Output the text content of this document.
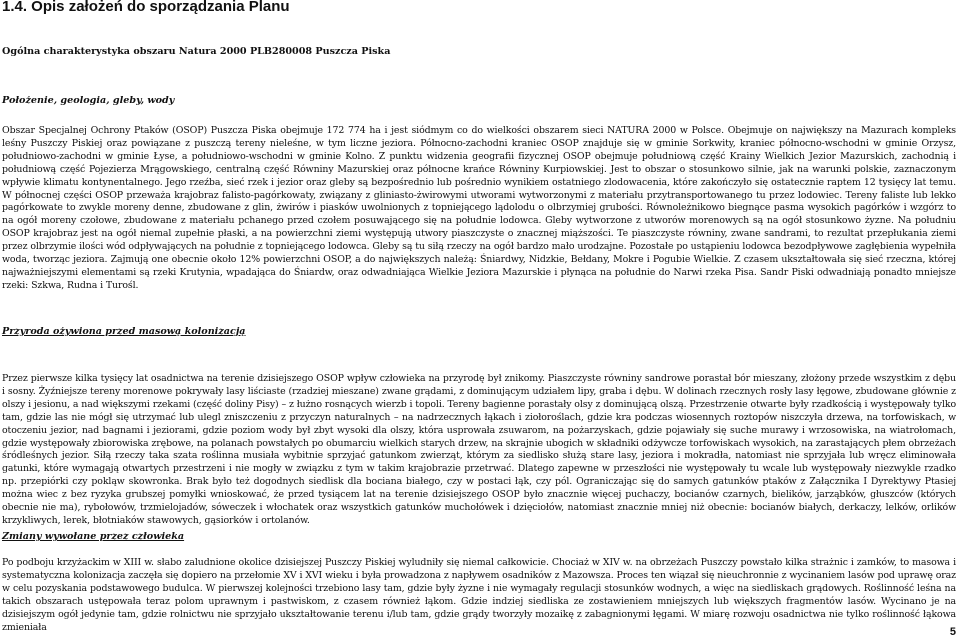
1.4. Opis założeń do sporządzania Planu

Ogólna charakterystyka obszaru Natura 2000 PLB280008 Puszcza Piska

Położenie, geologia, gleby, wody

Obszar Specjalnej Ochrony Ptaków (OSOP) Puszcza Piska obejmuje 172 774 ha i jest siódmym co do wielkości obszarem sieci NATURA 2000 w Polsce. Obejmuje on największy na Mazurach kompleks leśny Puszczy Piskiej oraz powiązane z puszczą tereny nieleśne, w tym liczne jeziora. Północno-zachodni kraniec OSOP znajduje się w gminie Sorkwity, kraniec północno-wschodni w gminie Orzysz, południowo-zachodni w gminie Łyse, a południowo-wschodni w gminie Kolno. Z punktu widzenia geografii fizycznej OSOP obejmuje południową część Krainy Wielkich Jezior Mazurskich, zachodnią i południową część Pojezierza Mrągowskiego, centralną część Równiny Mazurskiej oraz północne krańce Równiny Kurpiowskiej. Jest to obszar o stosunkowo silnie, jak na warunki polskie, zaznaczonym wpływie klimatu kontynentalnego. Jego rzeźba, sieć rzek i jezior oraz gleby są bezpośrednio lub pośrednio wynikiem ostatniego zlodowacenia, które zakończyło się ostatecznie raptem 12 tysięcy lat temu. W północnej części OSOP przeważa krajobraz falisto-pagórkowaty, związany z gliniasto-żwirowymi utworami wytworzonymi z materiału przytransportowanego tu przez lodowiec. Tereny faliste lub lekko pagórkowate to zwykle moreny denne, zbudowane z glin, żwirów i piasków uwolnionych z topniejącego lądolodu o olbrzymiej grubości. Równoleżnikowo biegnące pasma wysokich pagórków i wzgórz to na ogół moreny czołowe, zbudowane z materiału pchanego przed czołem posuwającego się na południe lodowca. Gleby wytworzone z utworów morenowych są na ogół stosunkowo żyzne. Na południu OSOP krajobraz jest na ogół niemal zupełnie płaski, a na powierzchni ziemi występują utwory piaszczyste o znacznej miąższości. Te piaszczyste równiny, zwane sandrami, to rezultat przepłukania ziemi przez olbrzymie ilości wód odpływających na południe z topniejącego lodowca. Gleby są tu siłą rzeczy na ogół bardzo mało urodzajne. Pozostałe po ustąpieniu lodowca bezodpływowe zagłębienia wypełniła woda, tworząc jeziora. Zajmują one obecnie około 12% powierzchni OSOP, a do największych należą: Śniardwy, Nidzkie, Bełdany, Mokre i Pogubie Wielkie. Z czasem ukształtowała się sieć rzeczna, której najważniejszymi elementami są rzeki Krutynia, wpadająca do Śniardw, oraz odwadniająca Wielkie Jeziora Mazurskie i płynąca na południe do Narwi rzeka Pisa. Sandr Piski odwadniają ponadto mniejsze rzeki: Szkwa, Rudna i Turośl.

Przyroda ożywiona przed masową kolonizacją

Przez pierwsze kilka tysięcy lat osadnictwa na terenie dzisiejszego OSOP wpływ człowieka na przyrodę był znikomy. Piaszczyste równiny sandrowe porastał bór mieszany, złożony przede wszystkim z dębu i sosny. Żyźniejsze tereny morenowe pokrywały lasy liściaste (rzadziej mieszane) zwane grądami, z dominującym udziałem lipy, graba i dębu. W dolinach rzecznych rosły lasy łęgowe, zbudowane głównie z olszy i jesionu, a nad większymi rzekami (część doliny Pisy) – z łużno rosnących wierzb i topoli. Tereny bagienne porastały olsy z dominującą olszą. Przestrzenie otwarte były rzadkością i występowały tylko tam, gdzie las nie mógł się utrzymać lub ulegl zniszczeniu z przyczyn naturalnych – na nadrzecznych łąkach i ziołoroślach, gdzie kra podczas wiosennych roztopów niszczyła drzewa, na torfowiskach, w otoczeniu jezior, nad bagnami i jeziorami, gdzie poziom wody był zbyt wysoki dla olszy, która usprowała zsuwarom, na pożarzyskach, gdzie pojawiały się suche murawy i wrzosowiska, na wiatrołomach, gdzie występowały zbiorowiska zrębowe, na polanach powstałych po obumarciu wielkich starych drzew, na skrajnie ubogich w składniki odżywcze torfowiskach wysokich, na zarastających płem obrzeżach śródleśnych jezior. Siłą rzeczy taka szata roślinna musiała wybitnie sprzyjać gatunkom zwierząt, którym za siedlisko służą stare lasy, jeziora i mokradła, natomiast nie sprzyjała lub wręcz eliminowała gatunki, które wymagają otwartych przestrzeni i nie mogły w związku z tym w takim krajobrazie przetrwać. Dlatego zapewne w przeszłości nie występowały tu wcale lub występowały niezwykle rzadko np. przepiórki czy pokląw skowronka. Brak było też dogodnych siedlisk dla bociana białego, czy w postaci łąk, czy pól. Ograniczając się do samych gatunków ptaków z Załącznika I Dyrektywy Ptasiej można wiec z bez ryzyka grubszej pomyłki wnioskować, że przed tysiącem lat na terenie dzisiejszego OSOP było znacznie więcej puchaczy, bocianów czarnych, bielików, jarząbków, głuszców (których obecnie nie ma), rybołowów, trzmielojadów, sóweczek i włochatek oraz wszystkich gatunków muchołówek i dzięciołów, natomiast znacznie mniej niż obecnie: bocianów białych, derkaczy, lelków, orlików krzykliwych, lerek, błotniaków stawowych, gąsiorków i ortolanów.

Zmiany wywołane przez człowieka

Po podboju krzyżackim w XIII w. słabo zaludnione okolice dzisiejszej Puszczy Piskiej wyludniły się niemal całkowicie. Chociaż w XIV w. na obrzeżach Puszczy powstało kilka strażnic i zamków, to masowa i systematyczna kolonizacja zaczęła się dopiero na przełomie XV i XVI wieku i była prowadzona z napływem osadników z Mazowsza. Proces ten wiązał się nieuchronnie z wycinaniem lasów pod uprawę oraz w celu pozyskania podstawowego budulca. W pierwszej kolejności trzebiono lasy tam, gdzie były żyzne i nie wymagały regulacji stosunków wodnych, a więc na siedliskach grądowych. Roślinność leśna na takich obszarach ustępowała teraz polom uprawnym i pastwiskom, z czasem również łąkom. Gdzie indziej siedliska ze zostawieniem mniejszych lub większych fragmentów lasów. Wycinano je na dzisiejszym ogół jedynie tam, gdzie rolnictwu nie sprzyjało ukształtowanie terenu i/lub tam, gdzie grądy tworzyły mozaikę z zabagnionymi łęgami. W miarę rozwoju osadnictwa nie tylko roślinność łąkowa zmieniała	5
